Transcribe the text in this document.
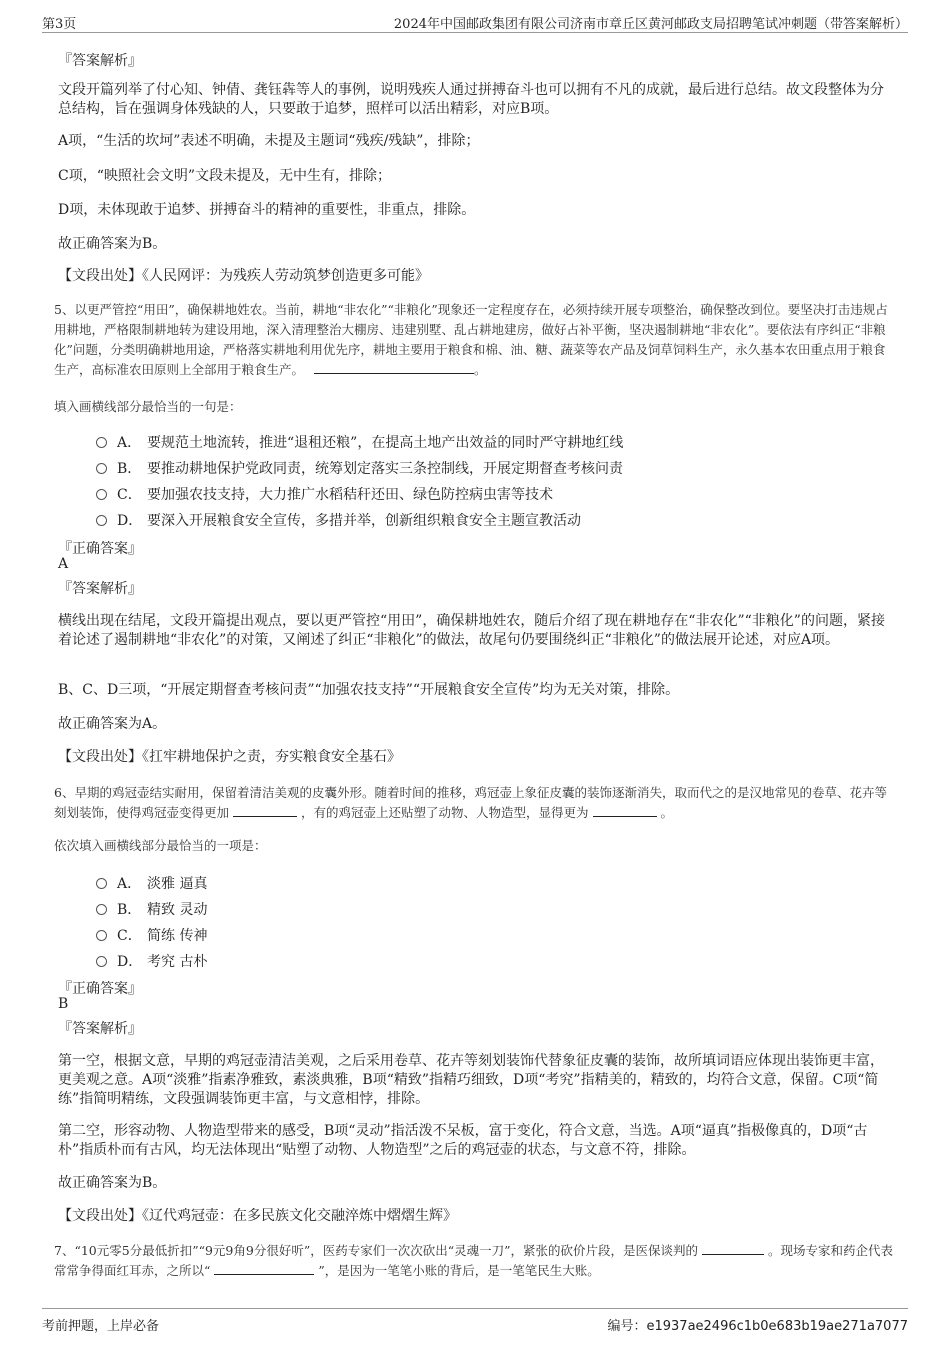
第3页	2024年中国邮政集团有限公司济南市章丘区黄河邮政支局招聘笔试冲刺题（带答案解析）
『答案解析』
文段开篇列举了付心知、钟倩、龚钰犇等人的事例，说明残疾人通过拼搏奋斗也可以拥有不凡的成就，最后进行总结。故文段整体为分总结构，旨在强调身体残缺的人，只要敢于追梦，照样可以活出精彩，对应B项。
A项，“生活的坎坷”表述不明确，未提及主题词“残疾/残缺”，排除；
C项，“映照社会文明”文段未提及，无中生有，排除；
D项，未体现敢于追梦、拼搏奋斗的精神的重要性，非重点，排除。
故正确答案为B。
【文段出处】《人民网评：为残疾人劳动筑梦创造更多可能》
5、以更严管控“用田”，确保耕地姓农。当前，耕地“非农化”“非粮化”现象还一定程度存在，必须持续开展专项整治，确保整改到位。要坚决打击违规占用耕地，严格限制耕地转为建设用地，深入清理整治大棚房、违建别墅、乱占耕地建房，做好占补平衡，坚决遏制耕地“非农化”。要依法有序纠正“非粮化”问题，分类明确耕地用途，严格落实耕地利用优先序，耕地主要用于粮食和棉、油、糖、蔬菜等农产品及饲草饲料生产，永久基本农田重点用于粮食生产，高标准农田原则上全部用于粮食生产。	。
填入画横线部分最恰当的一句是：
A． 要规范土地流转，推进“退租还粮”，在提高土地产出效益的同时严守耕地红线
B． 要推动耕地保护党政同责，统筹划定落实三条控制线，开展定期督查考核问责
C． 要加强农技支持，大力推广水稻秸秆还田、绿色防控病虫害等技术
D． 要深入开展粮食安全宣传，多措并举，创新组织粮食安全主题宣教活动
『正确答案』
A
『答案解析』
横线出现在结尾，文段开篇提出观点，要以更严管控“用田”，确保耕地姓农，随后介绍了现在耕地存在“非农化”“非粮化”的问题，紧接着论述了遏制耕地“非农化”的对策，又阐述了纠正“非粮化”的做法，故尾句仍要围绕纠正“非粮化”的做法展开论述，对应A项。
B、C、D三项，“开展定期督查考核问责”“加强农技支持”“开展粮食安全宣传”均为无关对策，排除。
故正确答案为A。
【文段出处】《扛牢耕地保护之责，夯实粮食安全基石》
6、早期的鸡冠壶结实耐用，保留着清洁美观的皮囊外形。随着时间的推移，鸡冠壶上象征皮囊的装饰逐渐消失，取而代之的是汉地常见的卷草、花卉等刻划装饰，使得鸡冠壶变得更加	，有的鸡冠壶上还贴塑了动物、人物造型，显得更为	。
依次填入画横线部分最恰当的一项是：
A． 淡雅 逼真
B． 精致 灵动
C． 简练 传神
D． 考究 古朴
『正确答案』
B
『答案解析』
第一空，根据文意，早期的鸡冠壶清洁美观，之后采用卷草、花卉等刻划装饰代替象征皮囊的装饰，故所填词语应体现出装饰更丰富，更美观之意。A项“淡雅”指素净雅致，素淡典雅，B项“精致”指精巧细致，D项“考究”指精美的，精致的，均符合文意，保留。C项“简练”指简明精练，文段强调装饰更丰富，与文意相悖，排除。
第二空，形容动物、人物造型带来的感受，B项“灵动”指活泼不呆板，富于变化，符合文意，当选。A项“逼真”指极像真的，D项“古朴”指质朴而有古风，均无法体现出“贴塑了动物、人物造型”之后的鸡冠壶的状态，与文意不符，排除。
故正确答案为B。
【文段出处】《辽代鸡冠壶：在多民族文化交融淬炼中熠熠生辉》
7、“10元零5分最低折扣”“9元9角9分很好听”，医药专家们一次次砍出“灵魂一刀”，紧张的砍价片段，是医保谈判的	。现场专家和药企代表常常争得面红耳赤，之所以“	”，是因为一笔笔小账的背后，是一笔笔民生大账。
考前押题，上岸必备	编号：e1937ae2496c1b0e683b19ae271a7077
